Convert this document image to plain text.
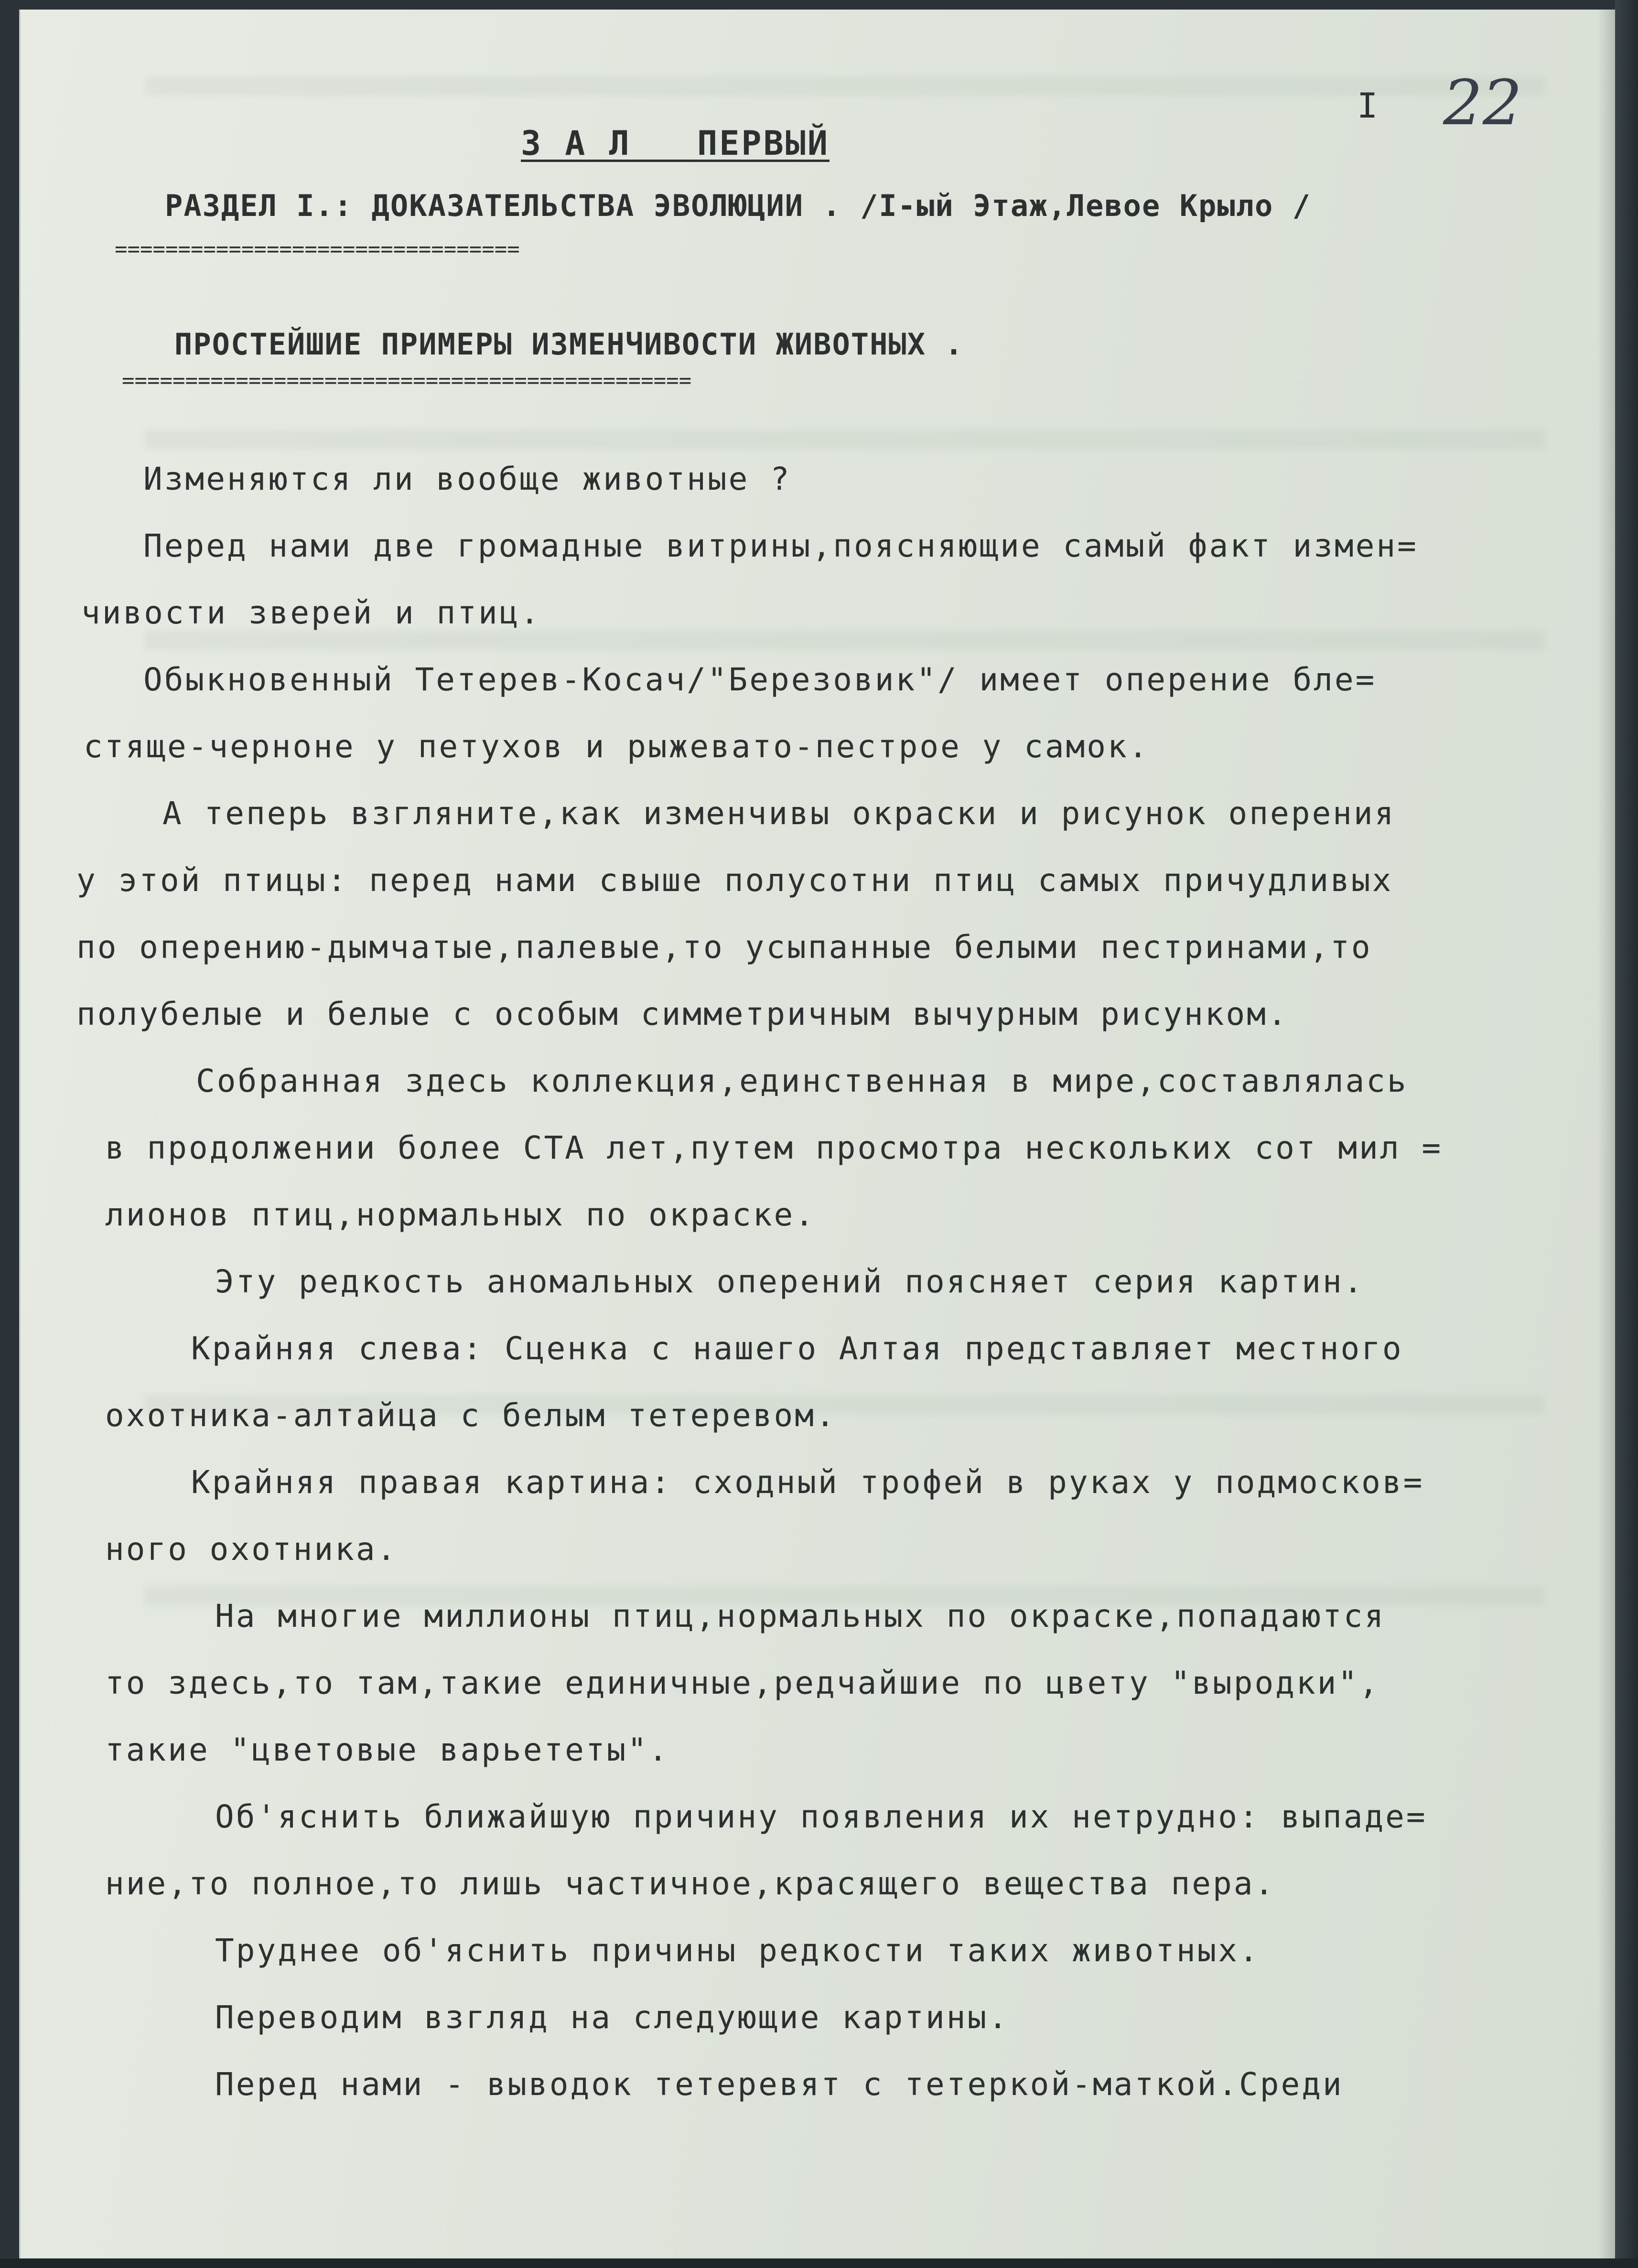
I 22
З А Л   ПЕРВЫЙ
РАЗДЕЛ I.: ДОКАЗАТЕЛЬСТВА ЭВОЛЮЦИИ . /I-ый Этаж,Левое Крыло /
================================
ПРОСТЕЙШИЕ ПРИМЕРЫ ИЗМЕНЧИВОСТИ ЖИВОТНЫХ .
=============================================
Изменяются ли вообще животные ?
Перед нами две громадные витрины,поясняющие самый факт измен=
чивости зверей и птиц.
Обыкновенный Тетерев-Косач/"Березовик"/ имеет оперение бле=
стяще-черноне у петухов и рыжевато-пестрое у самок.
А теперь взгляните,как изменчивы окраски и рисунок оперения
у этой птицы: перед нами свыше полусотни птиц самых причудливых
по оперению-дымчатые,палевые,то усыпанные белыми пестринами,то
полубелые и белые с особым симметричным вычурным рисунком.
Собранная здесь коллекция,единственная в мире,составлялась
в продолжении более СТА лет,путем просмотра нескольких сот мил =
лионов птиц,нормальных по окраске.
Эту редкость аномальных оперений поясняет серия картин.
Крайняя слева: Сценка с нашего Алтая представляет местного
охотника-алтайца с белым тетеревом.
Крайняя правая картина: сходный трофей в руках у подмосков=
ного охотника.
На многие миллионы птиц,нормальных по окраске,попадаются
то здесь,то там,такие единичные,редчайшие по цвету "выродки",
такие "цветовые варьететы".
Об'яснить ближайшую причину появления их нетрудно: выпаде=
ние,то полное,то лишь частичное,красящего вещества пера.
Труднее об'яснить причины редкости таких животных.
Переводим взгляд на следующие картины.
Перед нами - выводок тетеревят с тетеркой-маткой.Среди
